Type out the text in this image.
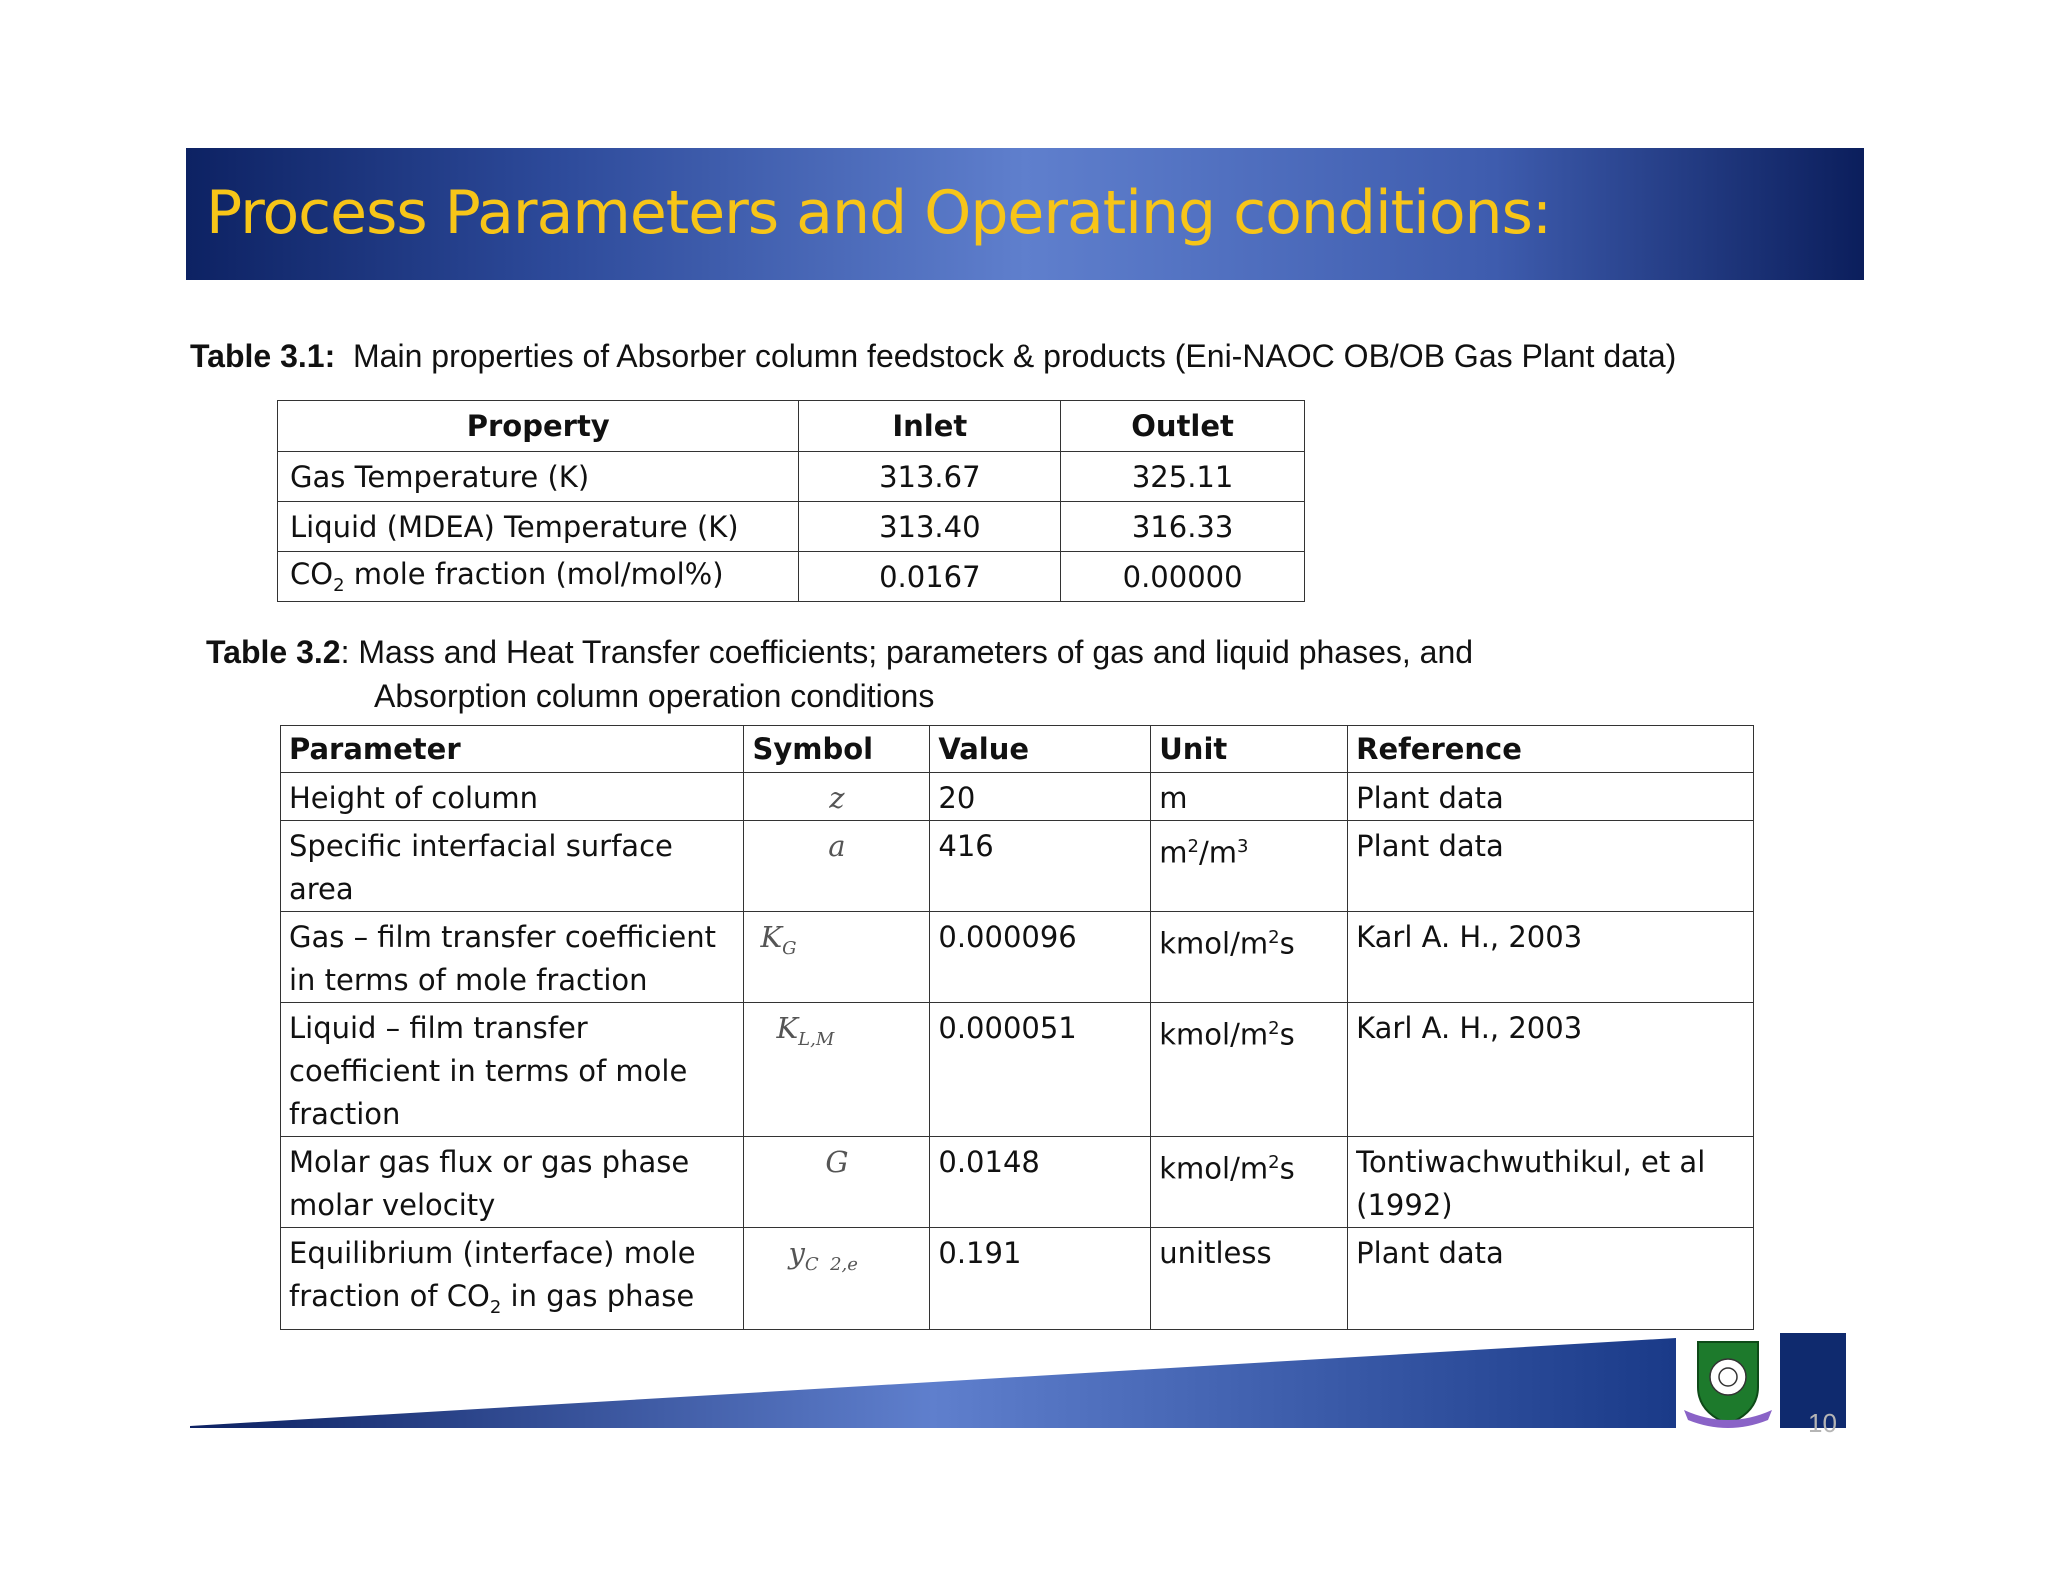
Process Parameters and Operating conditions:
Table 3.1: Main properties of Absorber column feedstock & products (Eni-NAOC OB/OB Gas Plant data)
Property	Inlet	Outlet
Gas Temperature (K)	313.67	325.11
Liquid (MDEA) Temperature (K)	313.40	316.33
$CO_2$ mole fraction (mol/mol%)	0.0167	0.00000
Table 3.2: Mass and Heat Transfer coefficients; parameters of gas and liquid phases, and
Absorption column operation conditions
Parameter	Symbol	Value	Unit	Reference
Height of column	z	20	m	Plant data
Specific interfacial surface area	a	416	$m^2/m^3$	Plant data
Gas – film transfer coefficient in terms of mole fraction	$K_G$	0.000096	kmol/$m^2s$	Karl A. H., 2003
Liquid – film transfer coefficient in terms of mole fraction	$K_{L,M}$	0.000051	kmol/$m^2s$	Karl A. H., 2003
Molar gas flux or gas phase molar velocity	G	0.0148	kmol/$m^2s$	Tontiwachwuthikul, et al (1992)
Equilibrium (interface) mole fraction of $CO_2$ in gas phase	$y_{C 2,e}$	0.191	unitless	Plant data
10
